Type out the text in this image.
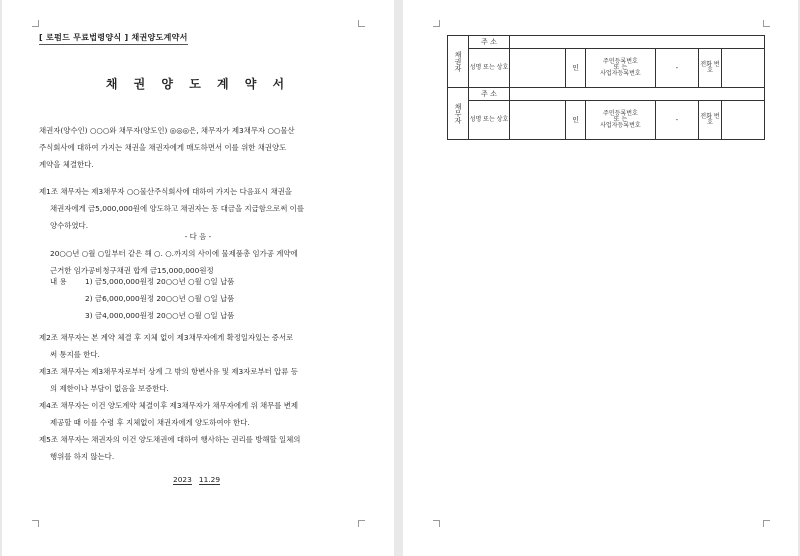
[ 로펌드 무료법령양식 ] 채권양도계약서
채 권 양 도 계 약 서
채권자(양수인) ○○○와 채무자(양도인) ◎◎◎은, 채무자가 제3채무자 ○○물산
주식회사에 대하여 가지는 채권을 채권자에게 매도하면서 이를 위한 채권양도
계약을 체결한다.
제1조 채무자는 제3채무자 ○○물산주식회사에 대하여 가지는 다음표시 채권을
채권자에게 금5,000,000원에 양도하고 채권자는 동 대금을 지급함으로써 이를
양수하였다.
- 다 음 -
20○○년 ○월 ○일부터 같은 해 ○. ○.까지의 사이에 물제품총 임가공 계약에
근거한 임가공비청구채권 합계 금15,000,000원정
내 용 1) 금5,000,000원정 20○○년 ○월 ○일 납품
2) 금6,000,000원정 20○○년 ○월 ○일 납품
3) 금4,000,000원정 20○○년 ○월 ○일 납품
제2조 채무자는 본 계약 체결 후 지체 없이 제3채무자에게 확정일자있는 증서로
써 통지를 한다.
제3조 채무자는 제3채무자로부터 상계 그 밖의 항변사유 및 제3자로부터 압류 등
의 제한이나 부담이 없음을 보증한다.
제4조 채무자는 이건 양도계약 체결이후 제3채무자가 채무자에게 위 채무를 변제
제공할 때 이를 수령 후 지체없이 채권자에게 양도하여야 한다.
제5조 채무자는 채권자의 이건 양도채권에 대하여 행사하는 권리를 방해할 일체의
행위를 하지 않는다.
2023 11.29
채권자	주 소						
	성명 또는 상호		인	주민등록번호
또 는
사업자등록번호	-	전화 번호	
채무자	주 소						
	성명 또는 상호		인	주민등록번호
또 는
사업자등록번호	-	전화 번호	
